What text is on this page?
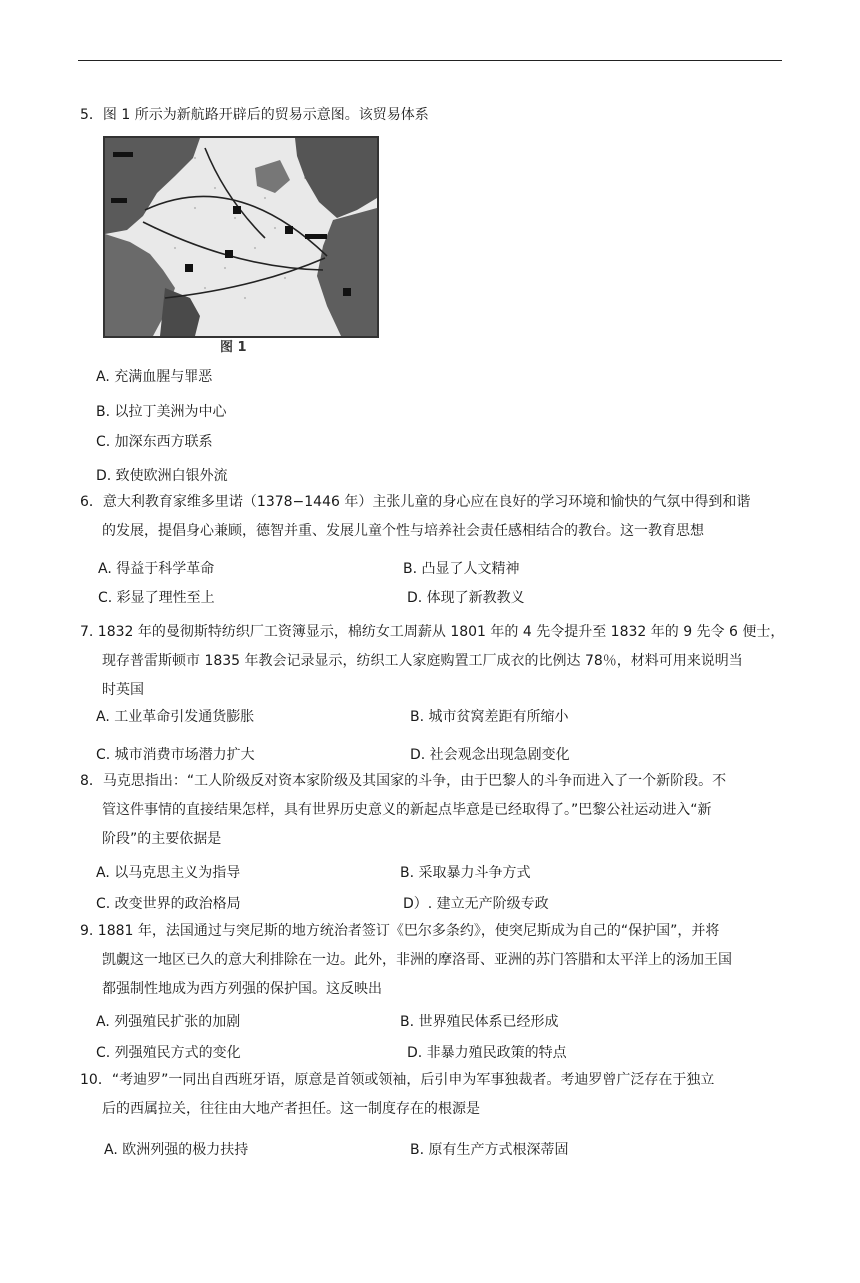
5．图 1 所示为新航路开辟后的贸易示意图。该贸易体系
图 1
A. 充满血腥与罪恶
B. 以拉丁美洲为中心
C. 加深东西方联系
D. 致使欧洲白银外流
6．意大利教育家维多里诺（1378−1446 年）主张儿童的身心应在良好的学习环境和愉快的气氛中得到和谐
的发展，提倡身心兼顾，德智并重、发展儿童个性与培养社会责任感相结合的教台。这一教育思想
A. 得益于科学革命	B. 凸显了人文精神
C. 彩显了理性至上	D. 体现了新教教义
7. 1832 年的曼彻斯特纺织厂工资簿显示，棉纺女工周薪从 1801 年的 4 先令提升至 1832 年的 9 先令 6 便士，
现存普雷斯顿市 1835 年教会记录显示，纺织工人家庭购置工厂成衣的比例达 78％，材料可用来说明当
时英国
A. 工业革命引发通货膨胀	B. 城市贫窝差距有所缩小
C. 城市消费市场潜力扩大	D. 社会观念出现急剧变化
8．马克思指出：“工人阶级反对资本家阶级及其国家的斗争，由于巴黎人的斗争而进入了一个新阶段。不
管这件事情的直接结果怎样，具有世界历史意义的新起点毕意是已经取得了。”巴黎公社运动进入“新
阶段”的主要依据是
A. 以马克思主义为指导	B. 采取暴力斗争方式
C. 改变世界的政治格局	D）. 建立无产阶级专政
9. 1881 年，法国通过与突尼斯的地方统治者签订《巴尔多条约》，使突尼斯成为自己的“保护国”，并将
凯覷这一地区已久的意大利排除在一边。此外，非洲的摩洛哥、亚洲的苏门答腊和太平洋上的汤加王国
都强制性地成为西方列强的保护国。这反映出
A. 列强殖民扩张的加剧	B. 世界殖民体系已经形成
C. 列强殖民方式的变化	D. 非暴力殖民政策的特点
10．“考迪罗”一同出自西班牙语，原意是首领或领袖，后引申为军事独裁者。考迪罗曾广泛存在于独立
后的西属拉关，往往由大地产者担任。这一制度存在的根源是
A. 欧洲列强的极力扶持	B. 原有生产方式根深蒂固
